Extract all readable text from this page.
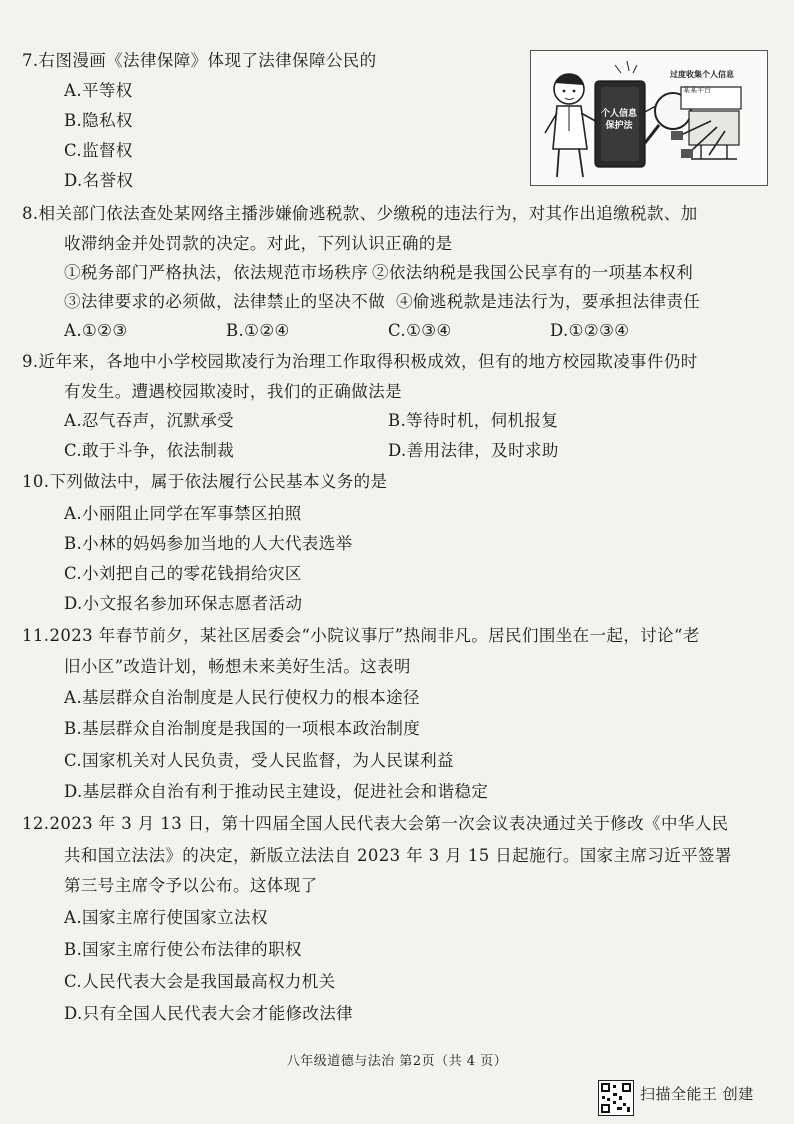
7.右图漫画《法律保障》体现了法律保障公民的
A.平等权
B.隐私权
C.监督权
D.名誉权
过度收集个人信息
某某平台
个人信息保护法
8.相关部门依法查处某网络主播涉嫌偷逃税款、少缴税的违法行为，对其作出追缴税款、加
收滞纳金并处罚款的决定。对此，下列认识正确的是
①税务部门严格执法，依法规范市场秩序 ②依法纳税是我国公民享有的一项基本权利
③法律要求的必须做，法律禁止的坚决不做 ④偷逃税款是违法行为，要承担法律责任
A.①②③	B.①②④	C.①③④	D.①②③④
9.近年来，各地中小学校园欺凌行为治理工作取得积极成效，但有的地方校园欺凌事件仍时
有发生。遭遇校园欺凌时，我们的正确做法是
A.忍气吞声，沉默承受	B.等待时机，伺机报复
C.敢于斗争，依法制裁	D.善用法律，及时求助
10.下列做法中，属于依法履行公民基本义务的是
A.小丽阻止同学在军事禁区拍照
B.小林的妈妈参加当地的人大代表选举
C.小刘把自己的零花钱捐给灾区
D.小文报名参加环保志愿者活动
11.2023 年春节前夕，某社区居委会“小院议事厅”热闹非凡。居民们围坐在一起，讨论“老
旧小区”改造计划，畅想未来美好生活。这表明
A.基层群众自治制度是人民行使权力的根本途径
B.基层群众自治制度是我国的一项根本政治制度
C.国家机关对人民负责，受人民监督，为人民谋利益
D.基层群众自治有利于推动民主建设，促进社会和谐稳定
12.2023 年 3 月 13 日，第十四届全国人民代表大会第一次会议表决通过关于修改《中华人民
共和国立法法》的决定，新版立法法自 2023 年 3 月 15 日起施行。国家主席习近平签署
第三号主席令予以公布。这体现了
A.国家主席行使国家立法权
B.国家主席行使公布法律的职权
C.人民代表大会是我国最高权力机关
D.只有全国人民代表大会才能修改法律
八年级道德与法治 第2页（共 4 页）
扫描全能王 创建
